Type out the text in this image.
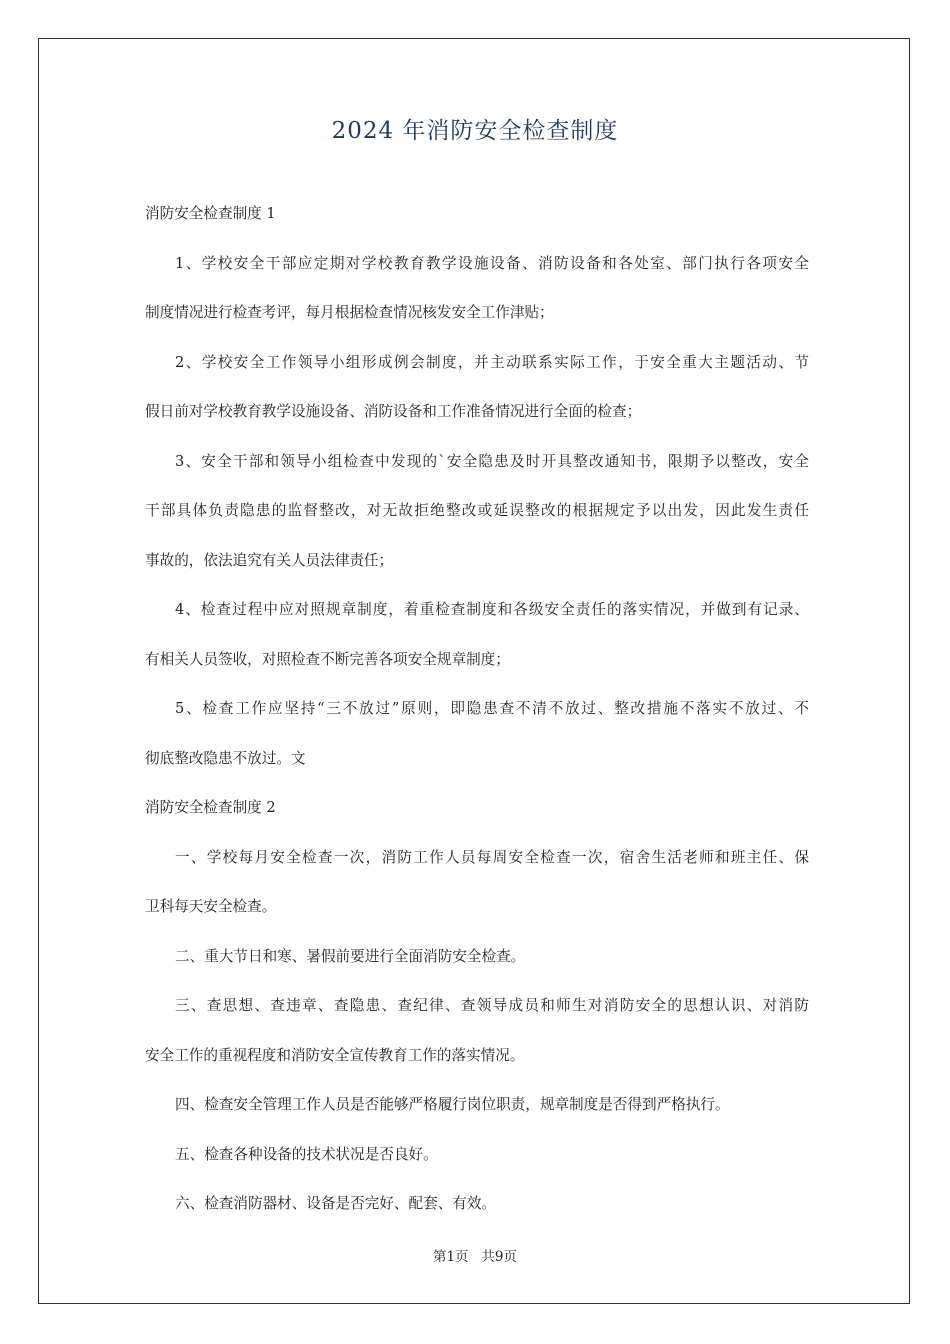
2024 年消防安全检查制度
消防安全检查制度 1
1、学校安全干部应定期对学校教育教学设施设备、消防设备和各处室、部门执行各项安全
制度情况进行检查考评，每月根据检查情况核发安全工作津贴；
2、学校安全工作领导小组形成例会制度，并主动联系实际工作，于安全重大主题活动、节
假日前对学校教育教学设施设备、消防设备和工作准备情况进行全面的检查；
3、安全干部和领导小组检查中发现的`安全隐患及时开具整改通知书，限期予以整改，安全
干部具体负责隐患的监督整改，对无故拒绝整改或延误整改的根据规定予以出发，因此发生责任
事故的，依法追究有关人员法律责任；
4、检查过程中应对照规章制度，着重检查制度和各级安全责任的落实情况，并做到有记录、
有相关人员签收，对照检查不断完善各项安全规章制度；
5、检查工作应坚持“三不放过”原则，即隐患查不清不放过、整改措施不落实不放过、不
彻底整改隐患不放过。文
消防安全检查制度 2
一、学校每月安全检查一次，消防工作人员每周安全检查一次，宿舍生活老师和班主任、保
卫科每天安全检查。
二、重大节日和寒、暑假前要进行全面消防安全检查。
三、查思想、查违章、查隐患、查纪律、查领导成员和师生对消防安全的思想认识、对消防
安全工作的重视程度和消防安全宣传教育工作的落实情况。
四、检查安全管理工作人员是否能够严格履行岗位职责，规章制度是否得到严格执行。
五、检查各种设备的技术状况是否良好。
六、检查消防器材、设备是否完好、配套、有效。
第1页   共9页
